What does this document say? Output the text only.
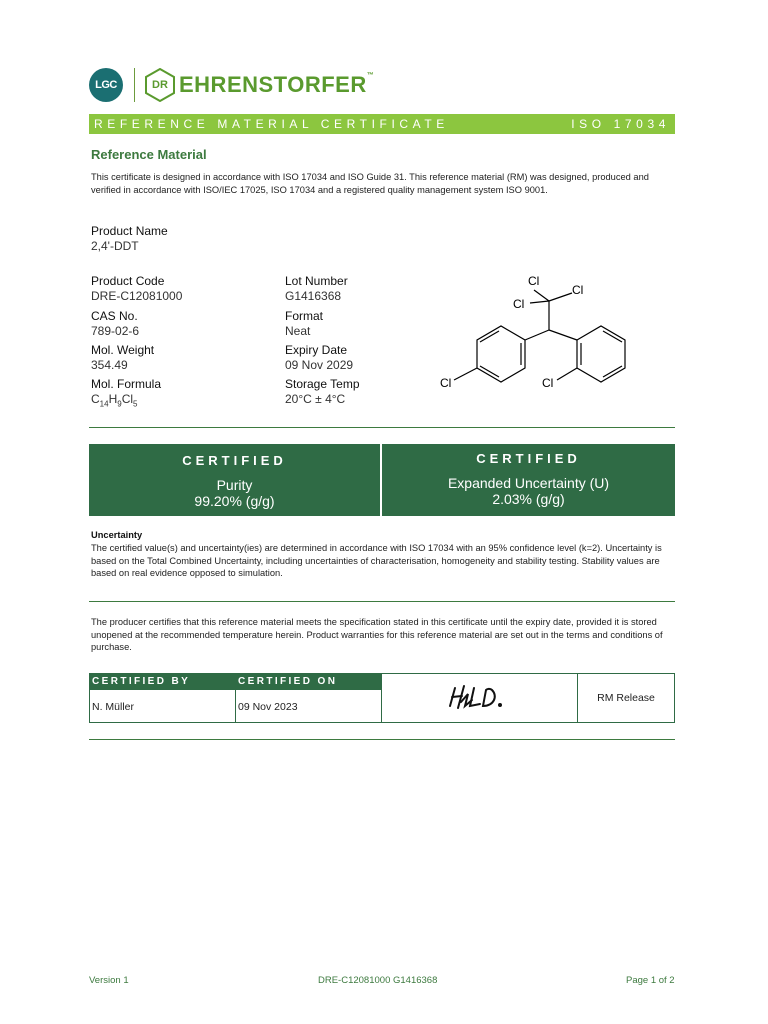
LGC	DR EHRENSTORFER™
REFERENCE MATERIAL CERTIFICATE	ISO 17034
Reference Material
This certificate is designed in accordance with ISO 17034 and ISO Guide 31. This reference material (RM) was designed, produced and verified in accordance with ISO/IEC 17025, ISO 17034 and a registered quality management system ISO 9001.
Product Name
2,4'-DDT
Product Code
DRE-C12081000
Lot Number
G1416368
CAS No.
789-02-6
Format
Neat
Mol. Weight
354.49
Expiry Date
09 Nov 2029
Mol. Formula
$C_{14}H_9Cl_5$
Storage Temp
20°C ± 4°C
Cl
Cl
Cl
Cl	Cl
CERTIFIED
Purity
99.20% (g/g)
CERTIFIED
Expanded Uncertainty (U)
2.03% (g/g)
Uncertainty
The certified value(s) and uncertainty(ies) are determined in accordance with ISO 17034 with an 95% confidence level (k=2). Uncertainty is based on the Total Combined Uncertainty, including uncertainties of characterisation, homogeneity and stability testing. Stability values are based on real evidence opposed to simulation.
The producer certifies that this reference material meets the specification stated in this certificate until the expiry date, provided it is stored unopened at the recommended temperature herein. Product warranties for this reference material are set out in the terms and conditions of purchase.
CERTIFIED BY
N. Müller
CERTIFIED ON
09 Nov 2023
RM Release
Version 1	DRE-C12081000 G1416368	Page 1 of 2
